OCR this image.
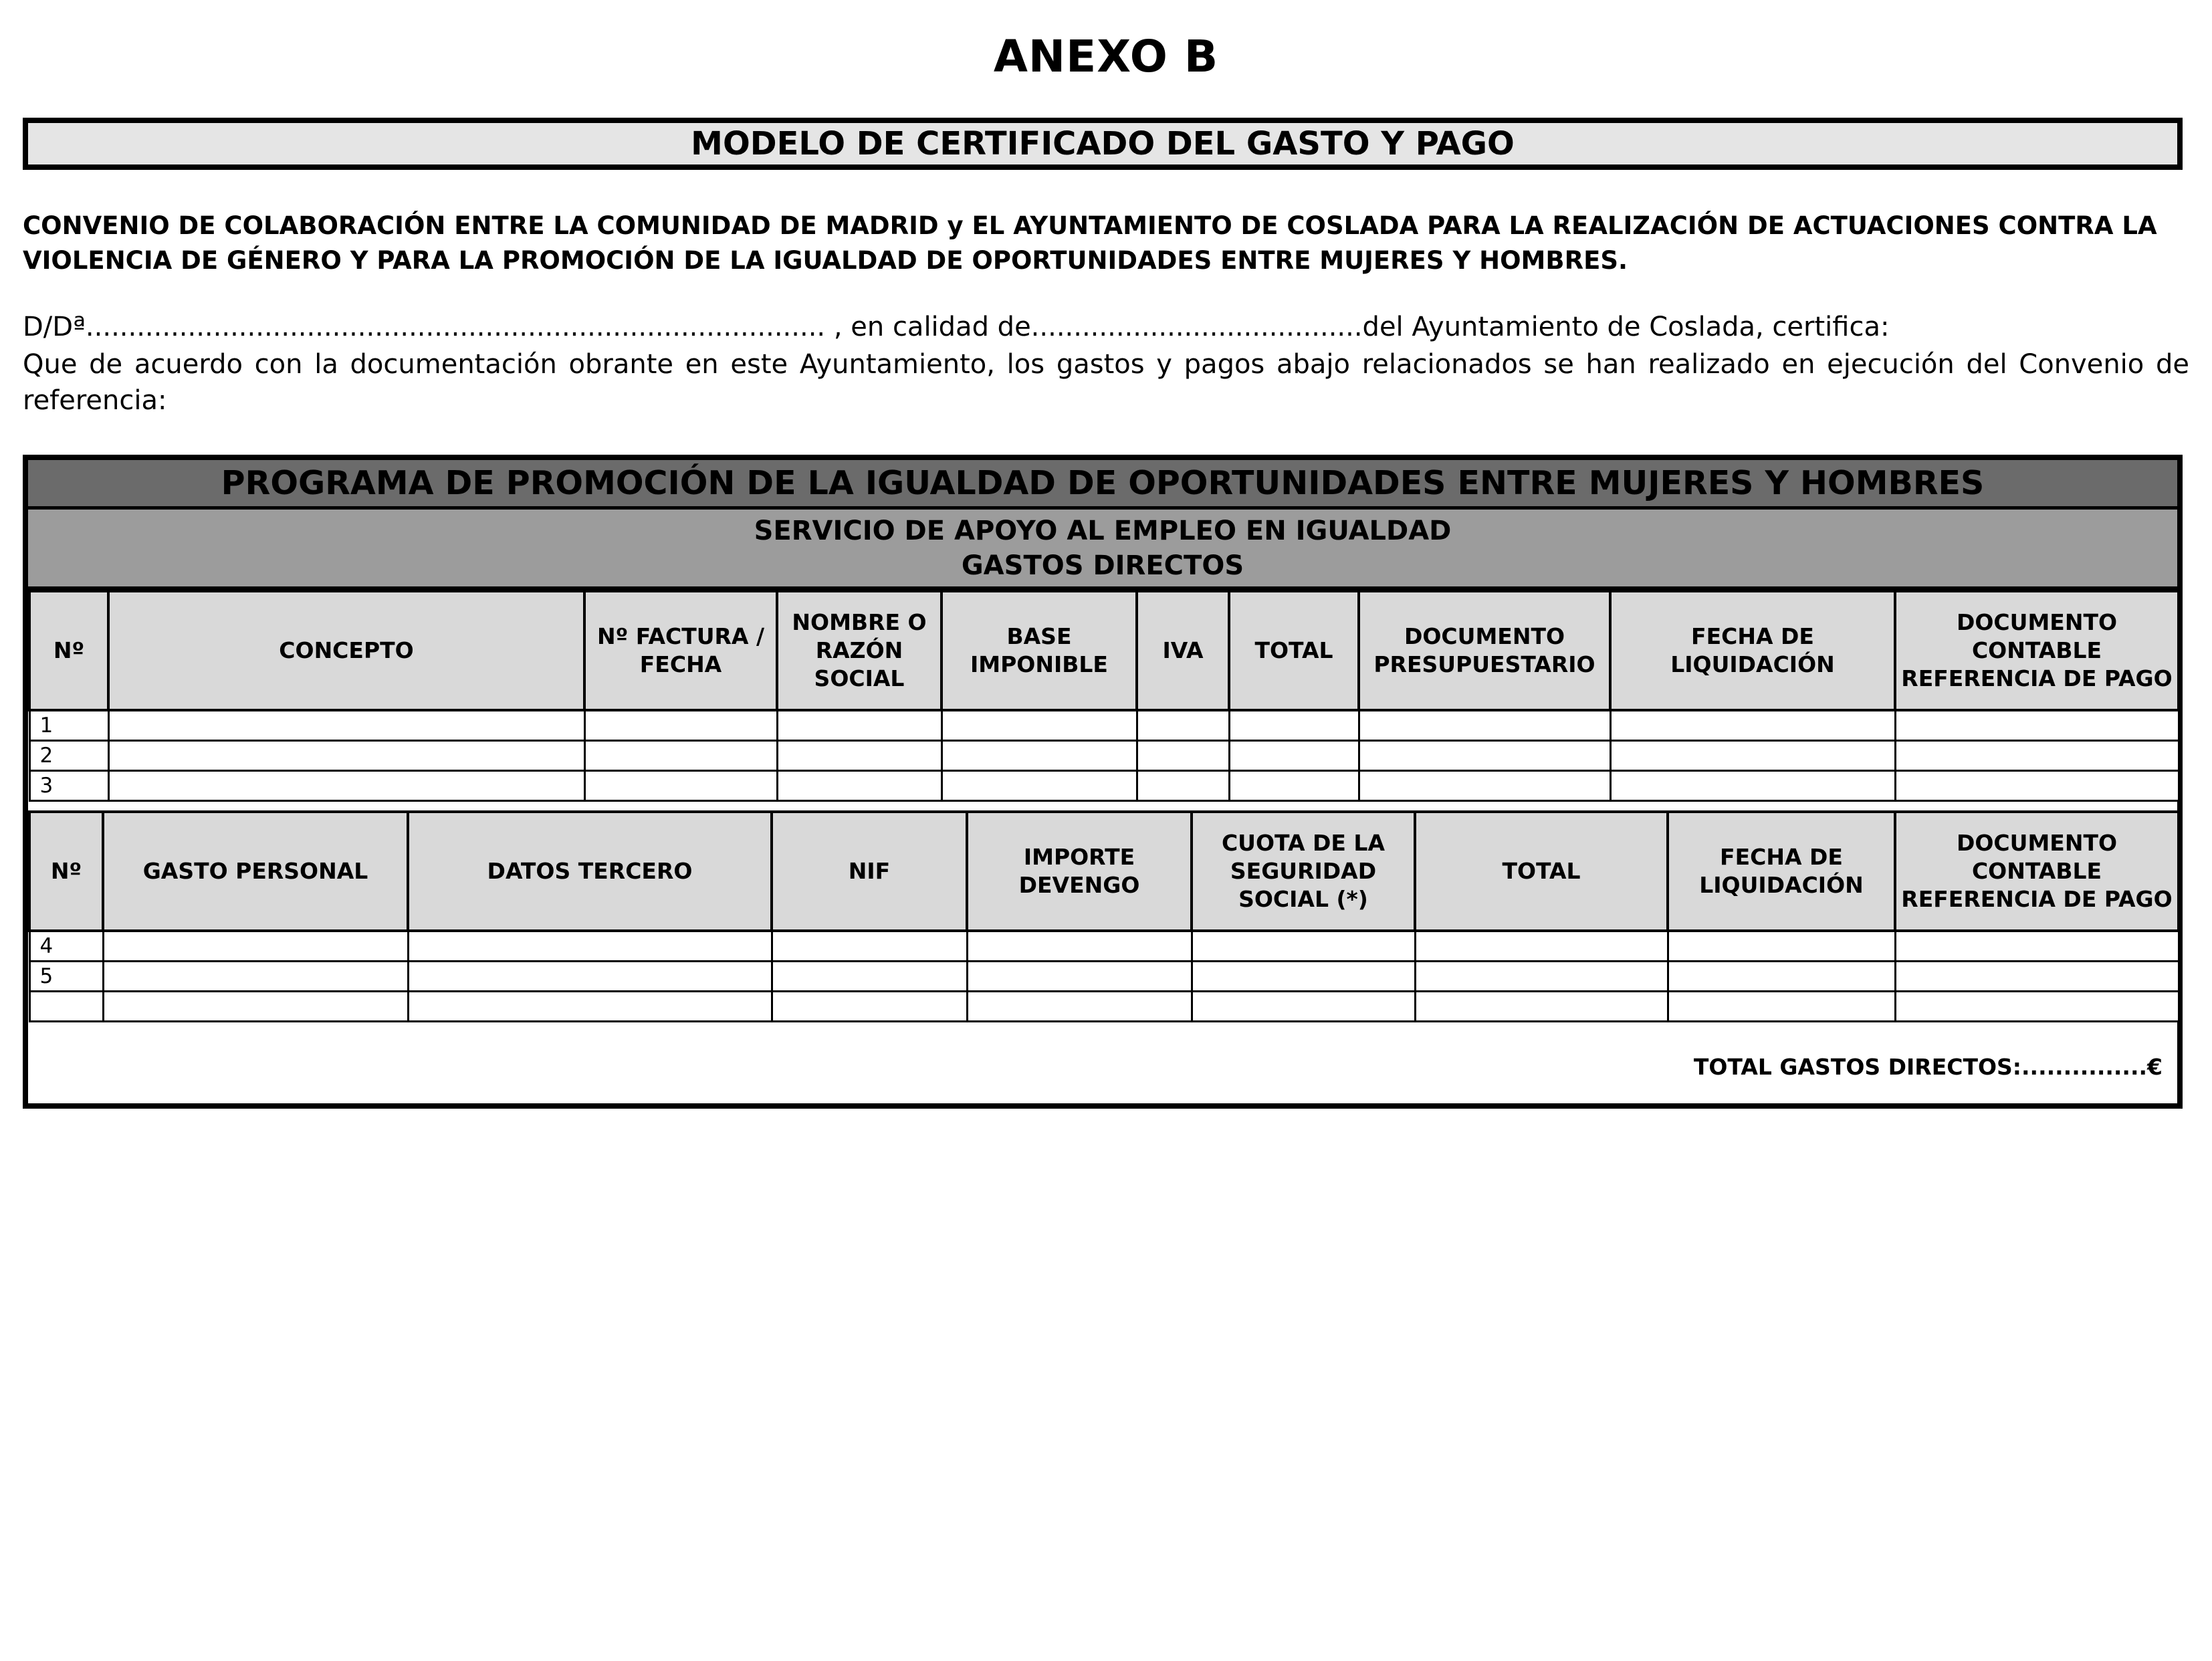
ANEXO B
MODELO DE CERTIFICADO DEL GASTO Y PAGO
CONVENIO DE COLABORACIÓN ENTRE LA COMUNIDAD DE MADRID y EL AYUNTAMIENTO DE COSLADA PARA LA REALIZACIÓN DE ACTUACIONES CONTRA LA
VIOLENCIA DE GÉNERO Y PARA LA PROMOCIÓN DE LA IGUALDAD DE OPORTUNIDADES ENTRE MUJERES Y HOMBRES.
D/Dª....................................................................................... , en calidad de.......................................del Ayuntamiento de Coslada, certifica:
Que de acuerdo con la documentación obrante en este Ayuntamiento, los gastos y pagos abajo relacionados se han realizado en ejecución del Convenio de referencia:
PROGRAMA DE PROMOCIÓN DE LA IGUALDAD DE OPORTUNIDADES ENTRE MUJERES Y HOMBRES
SERVICIO DE APOYO AL EMPLEO EN IGUALDAD
GASTOS DIRECTOS
Nº	CONCEPTO	Nº FACTURA / FECHA	NOMBRE O RAZÓN SOCIAL	BASE IMPONIBLE	IVA	TOTAL	DOCUMENTO PRESUPUESTARIO	FECHA DE LIQUIDACIÓN	DOCUMENTO CONTABLE REFERENCIA DE PAGO
1									
2									
3									
Nº	GASTO PERSONAL	DATOS TERCERO	NIF	IMPORTE DEVENGO	CUOTA DE LA SEGURIDAD SOCIAL (*)	TOTAL	FECHA DE LIQUIDACIÓN	DOCUMENTO CONTABLE REFERENCIA DE PAGO
4								
5								

TOTAL GASTOS DIRECTOS:...............€
